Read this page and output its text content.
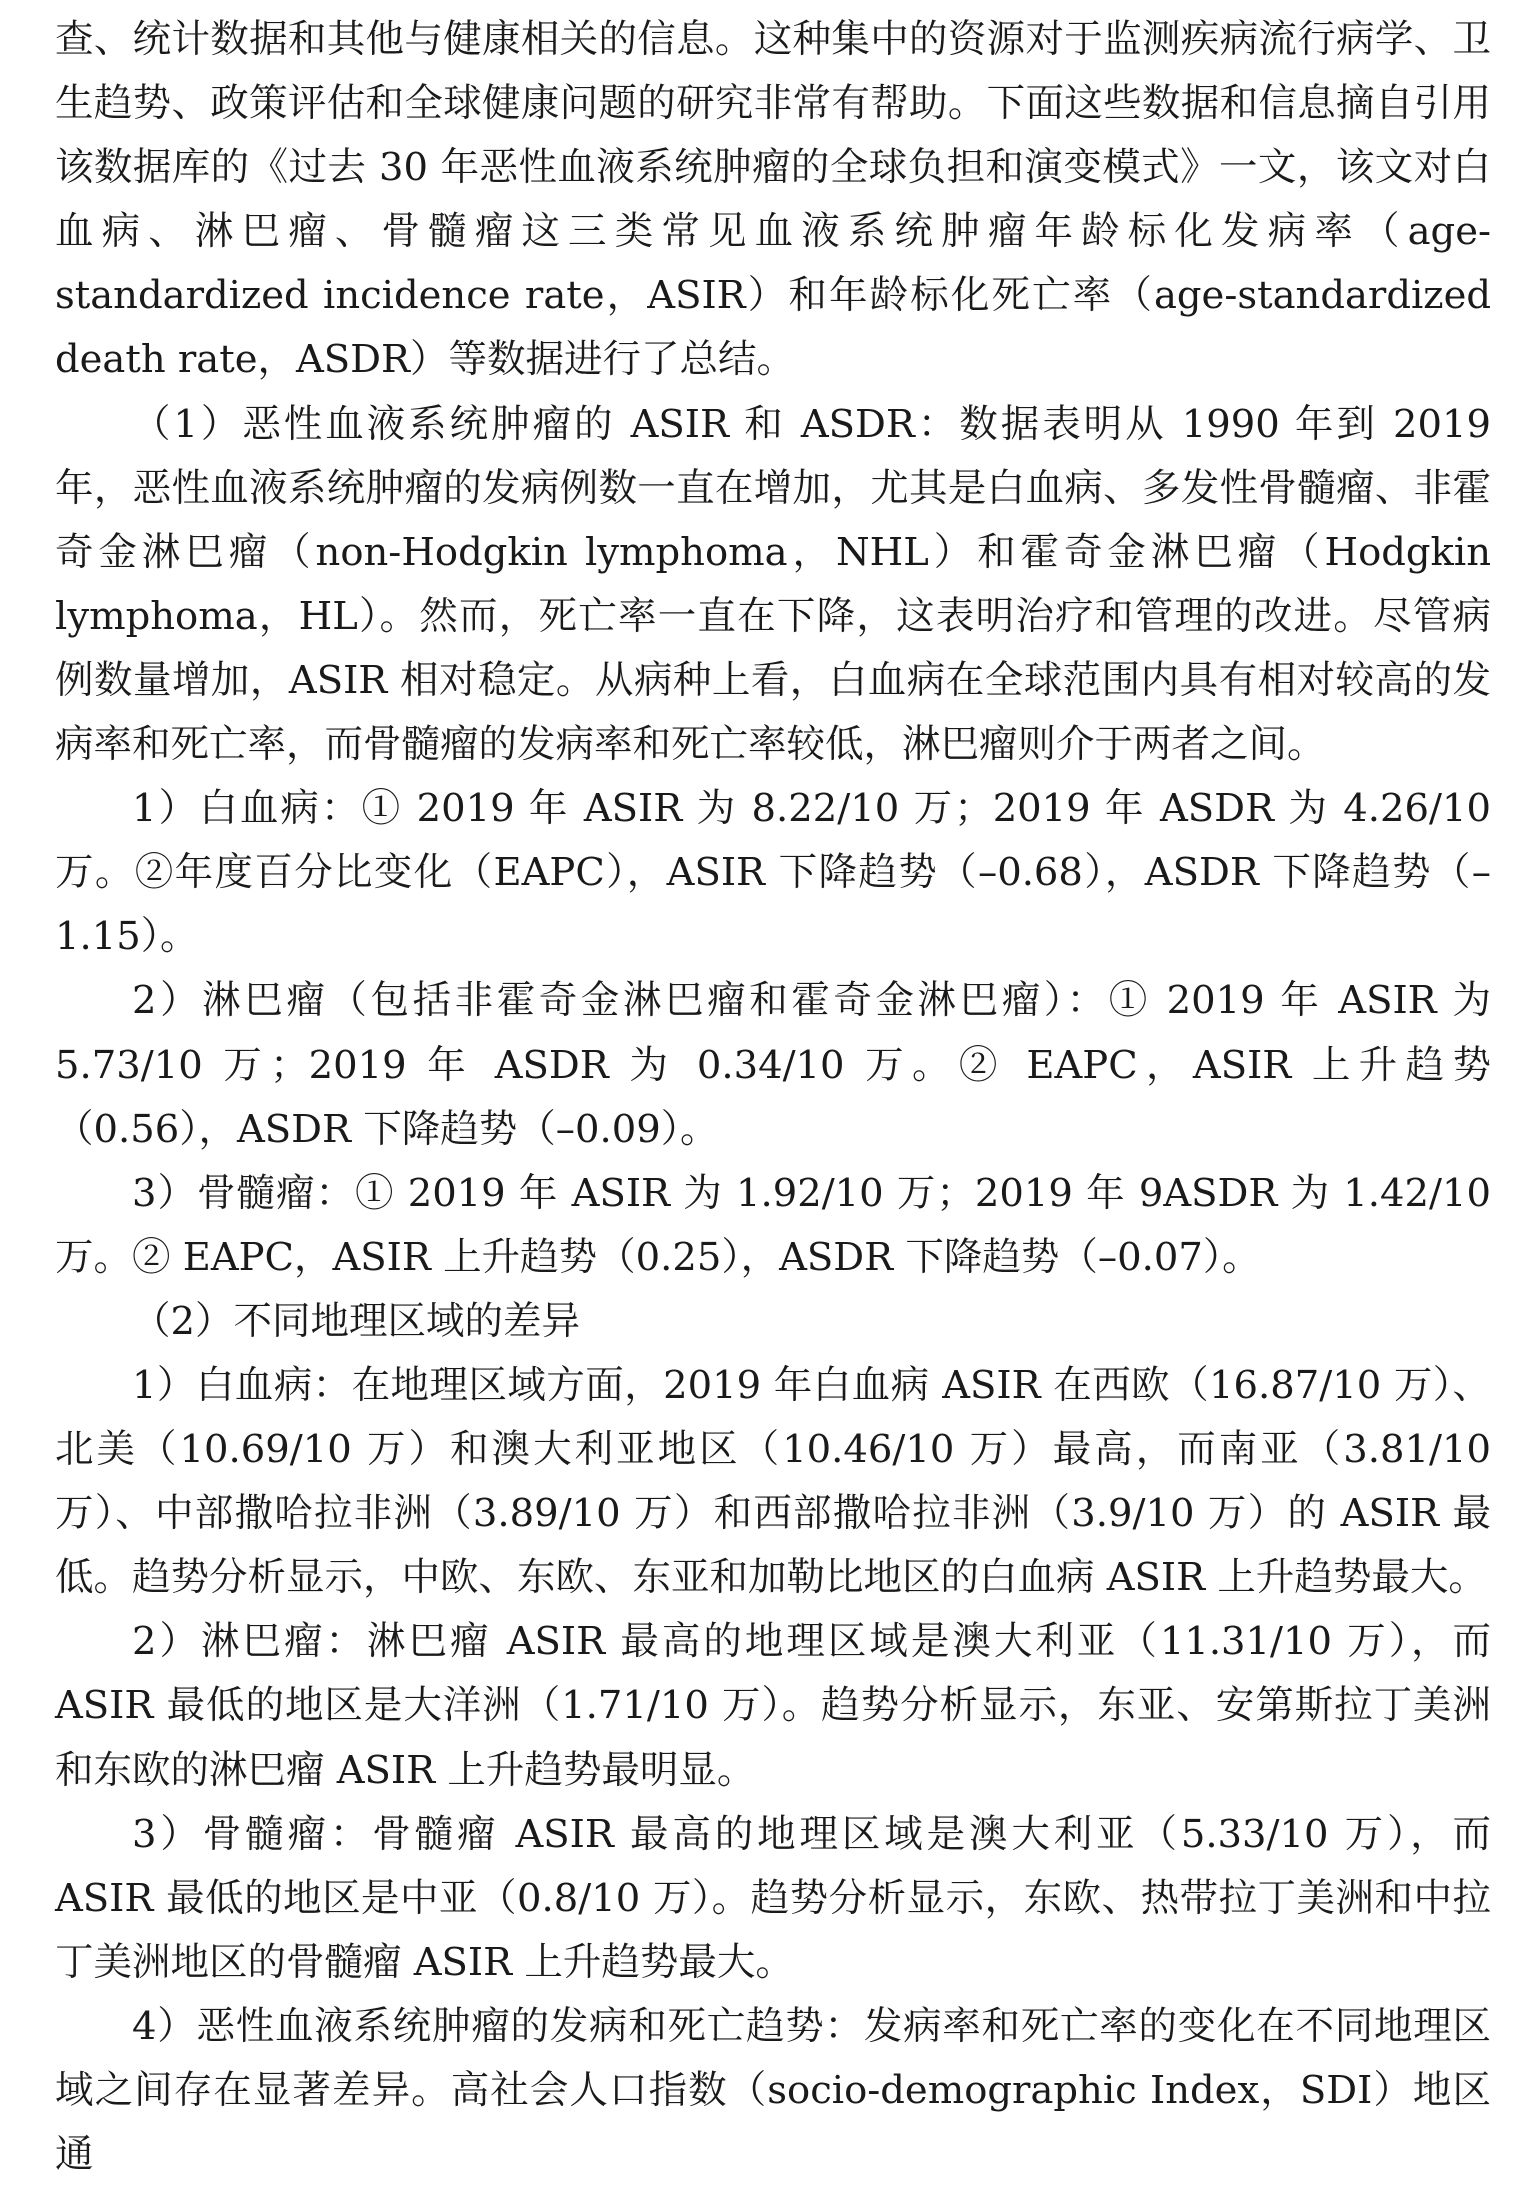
查、统计数据和其他与健康相关的信息。这种集中的资源对于监测疾病流行病学、卫生趋势、政策评估和全球健康问题的研究非常有帮助。下面这些数据和信息摘自引用该数据库的《过去 30 年恶性血液系统肿瘤的全球负担和演变模式》一文，该文对白血病、淋巴瘤、骨髓瘤这三类常见血液系统肿瘤年龄标化发病率（age-standardized incidence rate，ASIR）和年龄标化死亡率（age-standardized death rate，ASDR）等数据进行了总结。

（1）恶性血液系统肿瘤的 ASIR 和 ASDR：数据表明从 1990 年到 2019 年，恶性血液系统肿瘤的发病例数一直在增加，尤其是白血病、多发性骨髓瘤、非霍奇金淋巴瘤（non-Hodgkin lymphoma，NHL）和霍奇金淋巴瘤（Hodgkin lymphoma，HL）。然而，死亡率一直在下降，这表明治疗和管理的改进。尽管病例数量增加，ASIR 相对稳定。从病种上看，白血病在全球范围内具有相对较高的发病率和死亡率，而骨髓瘤的发病率和死亡率较低，淋巴瘤则介于两者之间。

1）白血病：① 2019 年 ASIR 为 8.22/10 万；2019 年 ASDR 为 4.26/10 万。②年度百分比变化（EAPC），ASIR 下降趋势（–0.68），ASDR 下降趋势（–1.15）。

2）淋巴瘤（包括非霍奇金淋巴瘤和霍奇金淋巴瘤）：① 2019 年 ASIR 为 5.73/10 万；2019 年 ASDR 为 0.34/10 万。② EAPC，ASIR 上升趋势（0.56），ASDR 下降趋势（–0.09）。

3）骨髓瘤：① 2019 年 ASIR 为 1.92/10 万；2019 年 9ASDR 为 1.42/10 万。② EAPC，ASIR 上升趋势（0.25），ASDR 下降趋势（–0.07）。

（2）不同地理区域的差异

1）白血病：在地理区域方面，2019 年白血病 ASIR 在西欧（16.87/10 万）、北美（10.69/10 万）和澳大利亚地区（10.46/10 万）最高，而南亚（3.81/10 万）、中部撒哈拉非洲（3.89/10 万）和西部撒哈拉非洲（3.9/10 万）的 ASIR 最低。趋势分析显示，中欧、东欧、东亚和加勒比地区的白血病 ASIR 上升趋势最大。

2）淋巴瘤：淋巴瘤 ASIR 最高的地理区域是澳大利亚（11.31/10 万），而 ASIR 最低的地区是大洋洲（1.71/10 万）。趋势分析显示，东亚、安第斯拉丁美洲和东欧的淋巴瘤 ASIR 上升趋势最明显。

3）骨髓瘤：骨髓瘤 ASIR 最高的地理区域是澳大利亚（5.33/10 万），而 ASIR 最低的地区是中亚（0.8/10 万）。趋势分析显示，东欧、热带拉丁美洲和中拉丁美洲地区的骨髓瘤 ASIR 上升趋势最大。

4）恶性血液系统肿瘤的发病和死亡趋势：发病率和死亡率的变化在不同地理区域之间存在显著差异。高社会人口指数（socio-demographic Index，SDI）地区通
